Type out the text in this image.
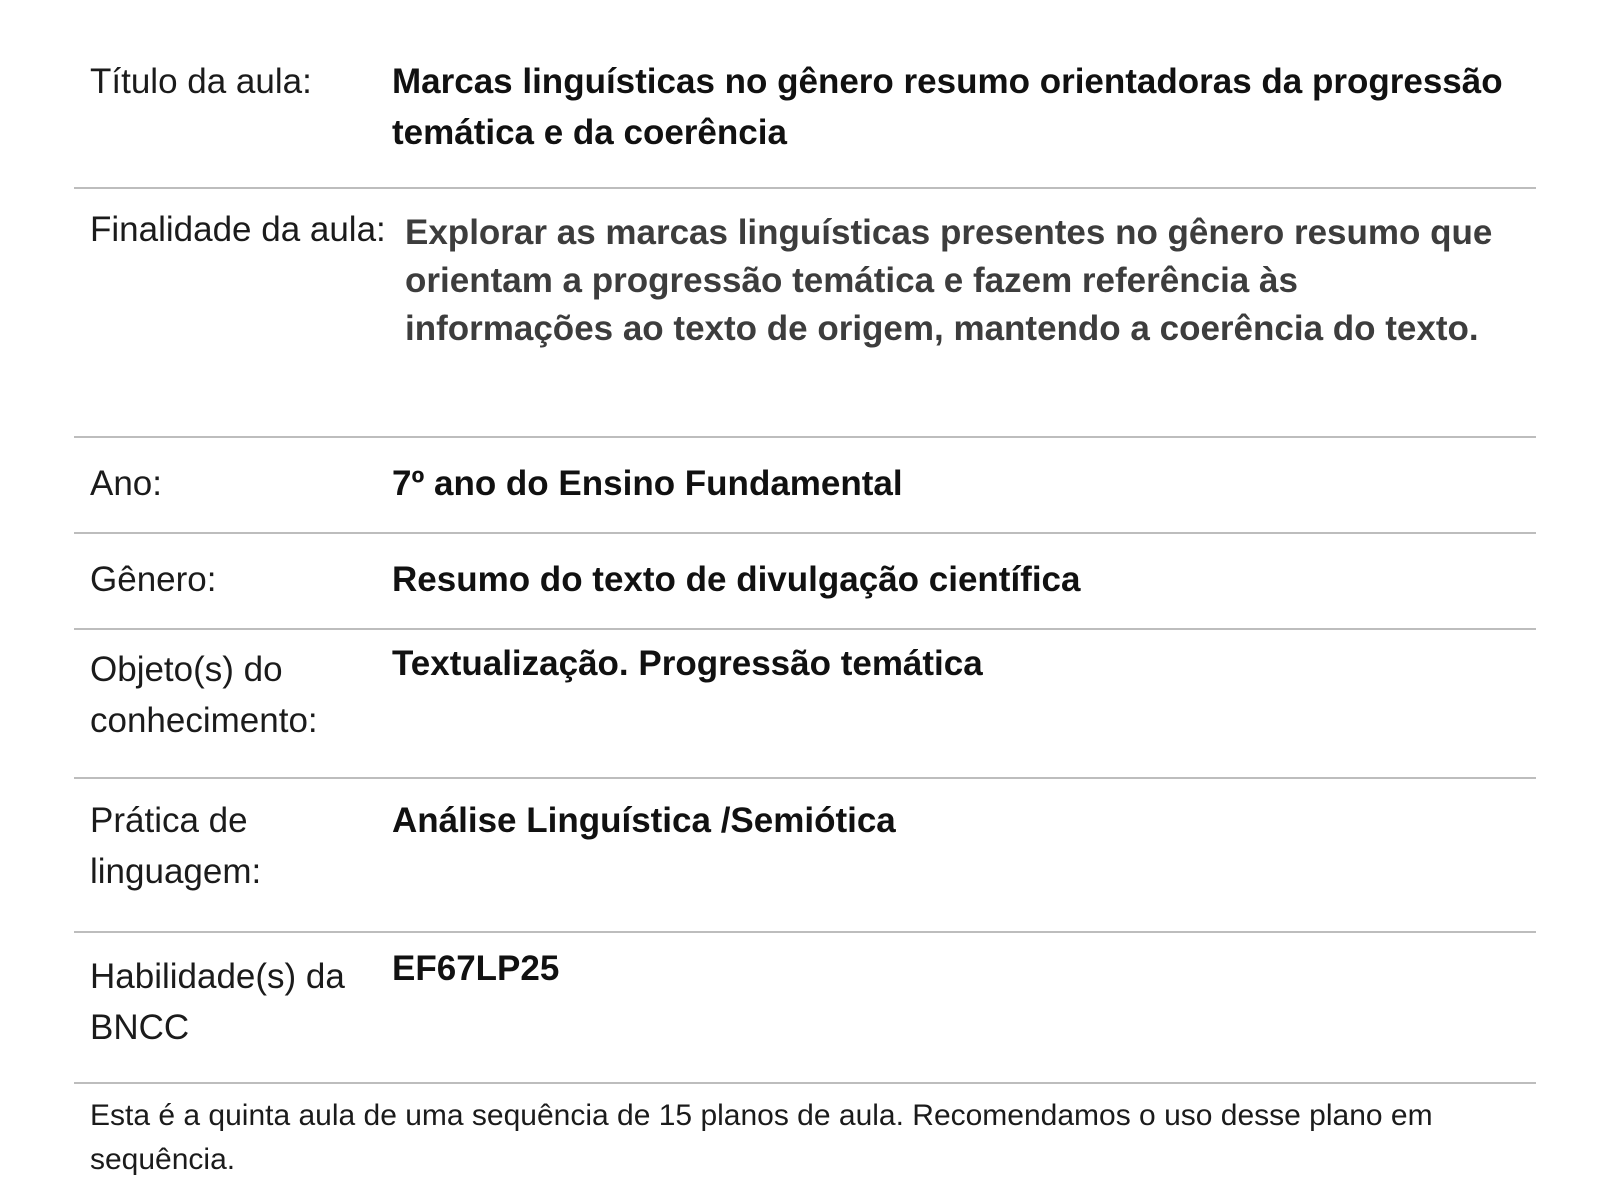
Título da aula:	Marcas linguísticas no gênero resumo orientadoras da progressão temática e da coerência
Finalidade da aula: Explorar as marcas linguísticas presentes no gênero resumo que orientam a progressão temática e fazem referência às informações ao texto de origem, mantendo a coerência do texto.
Ano:	7º ano do Ensino Fundamental
Gênero:	Resumo do texto de divulgação científica
Objeto(s) do conhecimento:
Textualização. Progressão temática
Prática de linguagem:
Análise Linguística /Semiótica
Habilidade(s) da BNCC
EF67LP25
Esta é a quinta aula de uma sequência de 15 planos de aula. Recomendamos o uso desse plano em sequência.
